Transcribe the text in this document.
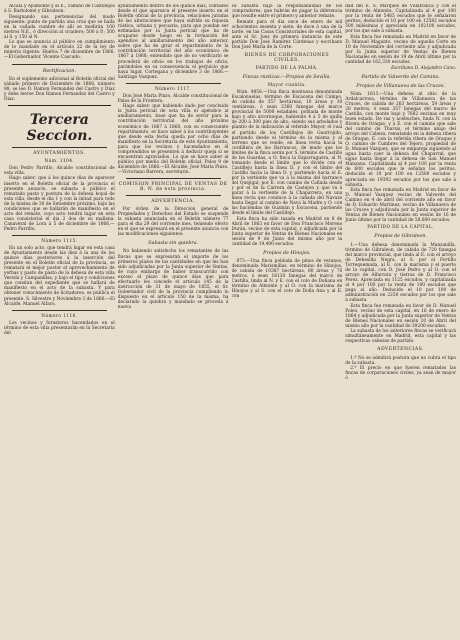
Alcala y Ayamonte y al E., camino de Castillejos á S. Bartolomé y Gibraleon.

Designando sus pertenencias del modo siguiente: punto de partida una cruz que se halla en la cañada cumbre de allí se medirán 100 metros N.E., ó dirección al criadero; 500 á P.; 500 al S. y 150 al N.

Lo que se anuncia al público en cumplimiento de lo mandado en el artículo 22 de la ley de minería vigente. Huelva 7 de diciembre de 1866.—El Gobernador, Vicente Cascudo.

Rectificacion.

En el suplemento adicional al Boletín oficial del sábado primero de Diciembre de 1866, número 88, se lee D. Ramon Fernandez del Castro y Diaz y debe leerse Don Ramon Fernandez del Castro y Diaz.

Tercera Seccion.
AYUNTAMIENTOS.
Núm. 1104.

Don Pedro Parrillo, Alcalde constitucional de esta villa.

Hago saber: que á los quince días de aparecer inserto en el Boletín oficial de la provincia el presente anuncio, se subasta á público el rematado pasto y postura de la dehesa boyal de esta villa, desde el dia 1 y con la mitad para todo de la misma de 30 de Setiembre próximo, bajo las condiciones que se hallarán de manifiesto en el acto del remate, cuyo acto tendrá lugar en esta casa consistorial el dia 2 dos de su mañana. Canaveral de Lora á 5 de diciembre de 1866.—Pedro Parrillo.

Número 1115.

En un solo acto, que tendrá lugar en esta casa de Ayuntamiento desde las diez á la una de los quince días posteriores á la inserción del presente en el Boletín oficial de la provincia, se rematará el mejor postor el aprovechamiento de yerbas y pasto de pasto de la dehesa de esta villa Vereda y Campanillas, y bajo el tipo y condiciones que constan del expediente que se hallará de manifiesto en el acto de la subasta. Y para obtener conocimiento de licitadores, se publica el presente. S. Silvestre y Noviembre 3 de 1866.—El Alcalde, Manuel Alfaro.

Número 1116.

Los vecinos y forasteros hacendados en el término de esta villa presentarán en la Secretaría del

ayuntamiento dentro de los quince días, contados desde el que aparezca el presente inserto en el Boletín oficial de la provincia, relaciones juradas de las alteraciones que haya sufrido su riqueza rústica, urbana y pecuaria, para que puedan ser estimadas por la Junta pericial que ha de ocuparse desde luego en la formación del apéndice al amillaramiento del año anterior, sobre que ha de girar el repartimiento de la contribución territorial del año económico de 1867 á 1868; entendido que de no verificarlo se procederá de oficio en los trabajos de oficio, parándoles en su consecuencia el perjuicio que haya lugar. Cortegana y diciembre 3 de 1866.—Santiago Vazquez.

Número 1117.

Don José María Pinzo, Alcalde constitucional de Palos de la Frontera.

Hago saber: que habiendo dado por concluido la Junta pericial de esta villa el apéndice al amillaramiento, base que ha de servir para la contribución territorial del año próximo económico de 1867 á 1868, con su consecuente repartimiento, se hace saber á los contribuyentes que desde esta fecha queda por ocho días de manifiesto en la Secretaría de este Ayuntamiento, para que los vecinos y hacendados en él comprendidos se presenten á deducir queja si se encuentran agraviados. Lo que se hace saber al público por medio del Boletín oficial. Palos 9 de diciembre de 1866.—El Alcalde, José María Pinzo.—Victoriano Barrera, secretario.

COMISION PRINCIPAL DE VENTAS DE B. N. de esta provincia.
ADVERTENCIA.

Por órden de la Direccion general de Propiedades y Derechos del Estado se suspende la subasta anunciada en el Boletín número 77 para el dia 29 del corriente mes, teniendo efecto en el que se expresará en el presente anuncio con las modificaciones siguientes:

Subasta sin quiebra.

No habiendo satisfecho los rematantes de las fincas que se expresarán el importe de los primeros plazos de las cantidades en que les han sido adjudicadas por la Junta superior de Ventas, de cuyo embargo de haber transcurrido con exceso el plazo de quince días que para efectuarlo les concede el artículo 145 de la instrucción de 31 de mayo de 1855, el Sr. Gobernador civil de la provincia cumpliendo lo dispuesto en el artículo 150 de la misma, ha declarado la quiebra y mandado se proceda á nueva

va subasta bajo la responsabilidad de los compradores; que habrán de pagar la diferencia que resulte entre el primero y anterior remate.

Remate para el dia once de enero de mil ochocientos sesenta y siete, de doce á una de la tarde, en las Casas Consistoriales de esta capital, ante el Sr. Juez de primera instancia de este partido Don José Ramírez Cárdenas y escribano Don José María de la Corte.

BIENES DE CORPORACIONES CIVILES.
PARTIDO DE LA PALMA.
Fincas rústicas.—Propios de Sevilla.
Mayor cuantía.

Núm. 4958.—Una finca montuosa denominada Escalonuelas, término de Escacena del Campo, de cabida de 357 hectáreas, 10 áreas y 30 centiáreas, ó sean 2360 fanegas del marco provincial de 5000 estadales, poblada de monte bajo y alto alcornoque, habiendo 4 á 5 de quilla de 200 á 300 pies de alto, siendo sus arbolados y plantío de la indicación al referido Mayor, el cual el partido de los Castillejos de Guarrojido, partiendo desde el término de la misma y al terreno que se vende, en línea recta hacia la cordillera de los Barrancos, de modo que los límites de la finca serán por S. término de Castillo de las Guardas, a O. finca la Esparraguera, al N. tomando desde el límite que lo divide con el Castillejo hasta la línea D. y con el límite del Castillo hacia la línea D. y partiendo hacia el E. por la vertiente que va á la misma del barranco del Quejigal; por E. con camino de Cañada desde y por el de la Carrera de Castejon y que va á parar á la vertiente de la Chaparrera, en una línea recta que conduce á la cañada del Navazo hasta llegar al camino de Nava la Madre y O. con las haciendas de Guzmán y Escacena, partiendo desde el límite del Castillejo.

Esta finca ha sido tasada en Madrid en 8 de Abril de 1863 en favor de Don Francisco Moreno Durán, vecino de esta capital, y adjudicada por la Junta superior de Ventas de Bienes Nacionales en sesión de 9 de Junio del mismo año por la cantidad de 19,400 escudos.

Propios de Hinojos.

873.—Una finca poblada de pinos de veranos, denominada Marismillas, en término de Hinojos, de cabida de 10387 hectáreas, 80 áreas y 70 metros, ó sean 16130 fanegas del marco de Castilla, linda al N. y E. con el coto de Doñana en término de Almonte y al O. con la marisma de Hinojos y al S. con el coto de Doña Ana y al E. con

dad del E. S. Marqués de Villafranca y con el término de Almonte. Capitalizada al 4 por 100 por la renta de 5465 escudos que le señalaron peritos, deducido el 10 por 100 en 12582 escudos 500 milésimas y apreciada en 102100 escudos, por los que sale á subasta.

Esta finca fue rematada en Madrid en favor de D. Manuel Maganto, vecino de aquella Corte en 10 de Noviembre del corriente año y adjudicada por la Junta superior de Ventas de Bienes Nacionales en sesión de 19 de Abril último por la cantidad de 162,330 escudos.

Escribano D. Alejandro Cano.

Partido de Valverde del Camino.
Propios de Villanueva de las Cruces.

Núm. 1813.—Una dehesa al sitio de la Ardalcarrosa, término de Villanueva de las Cruces, de cabida de 263 hectáreas, 59 áreas y 28 metros, ó sean 357 fanegas del marco de Castilla, con monte bajo y 7682 encinas en muy buen estado. De ras y acebuches, linda N. con la Rivera de Oraque, y á E. con el camino que sale del camino de Tharsis, el término abajo del arroyo del Cabeza, rematando en la dehesa ribera de Oraque, E. con la referida ribera de Oraque y O. camino de Cumbres del Tejero, propiedad de D. Manuel Vazquez, que se empareja siguiendo al agua hasta caer la dehesa del Chaparral, que sigue hasta llegar á la dehesa de San Manuel Manzano. Capitalizada al 4 por 100 por la renta de 600 escudos que le señalan los peritos, deducido el 10 por 100 en 12500 escudos y apreciada en 19392 escudos por los que sale á subasta.

Esta finca fue rematada en Madrid en favor de D. Manuel Vazquez vecino de Valverde del Camino en 4 de abril del corriente año en favor de D. Eduardo Martinez, vecino de Villanueva de las Cruces y adjudicada por la Junta superior de Ventas de Bienes Nacionales en sesión de 16 de Junio último por la cantidad de 58.600 escudos.

PARTIDO DE LA CAPITAL.
Propios de Gibraleon.

1.—Una dehesa denominada la Manzanilla, término de Gibraleon, de cabida de 720 fanegas del marco provincial, que linda al E. con el arroyo de Dehesilla Negra, al S. por el Portillo Torrequemada, al E. con la marisma y el puerto de la capital, con D. José Pedro y al O. con el arroyo de Alfarrata y tierras de D. Francisco Perez. Apreciada en 1125 escudos, y capitalizada al 4 por 100 por la renta de 100 escudos que paga al año. Deducido el 10 por 100 de administración en 2250 escudos por los que sale á subasta.

Esta finca fue rematada en favor de D. Manuel Poleo, vecino de esta capital, en 16 de enero de 1864 y adjudicada por la Junta superior de Ventas de Bienes Nacionales en sesión 20 de Abril del mismo año por la cantidad de 39200 escudos.

La subasta de los anteriores fincas se verificará simultáneamente en Madrid, esta capital y las respectivas cabezas de partido.

ADVERTENCIAS.

1.ª No se admitirá postura que no cubra el tipo de la subasta.

2.ª El precio en que fueren rematados las fincas de corporaciones civiles, ya sean de mayor ó
